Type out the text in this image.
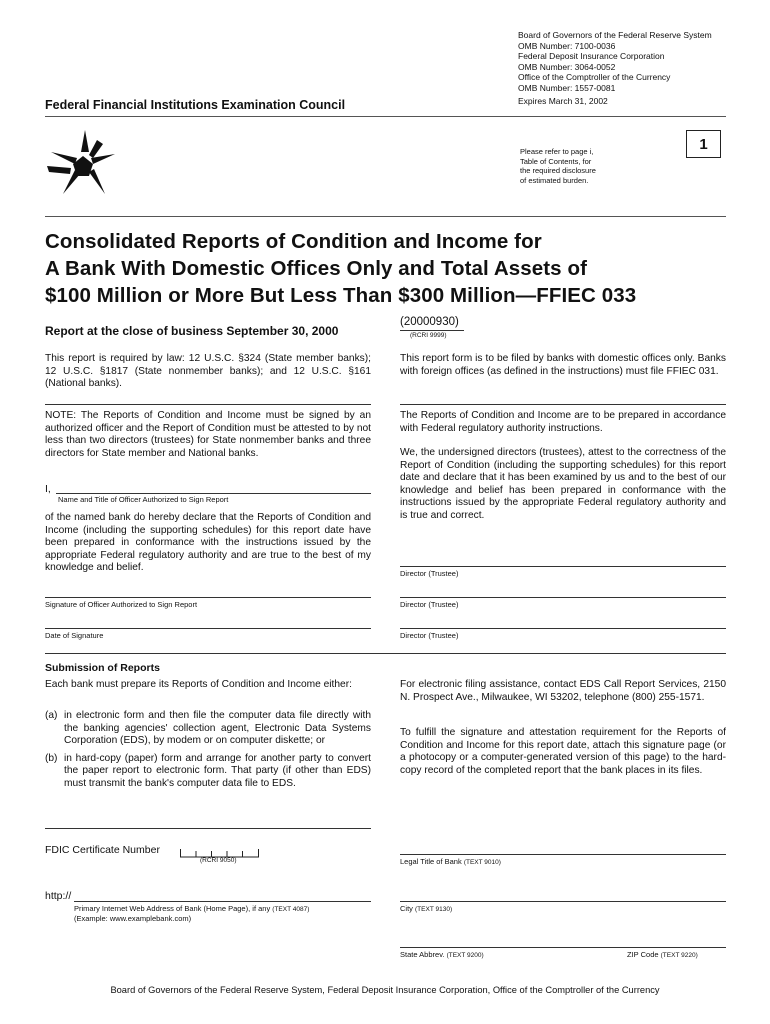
Board of Governors of the Federal Reserve System
OMB Number: 7100-0036
Federal Deposit Insurance Corporation
OMB Number: 3064-0052
Office of the Comptroller of the Currency
OMB Number: 1557-0081
Expires March 31, 2002
Federal Financial Institutions Examination Council
Please refer to page i,
Table of Contents, for
the required disclosure
of estimated burden.
1
Consolidated Reports of Condition and Income for
A Bank With Domestic Offices Only and Total Assets of
$100 Million or More But Less Than $300 Million—FFIEC 033
Report at the close of business September 30, 2000
(20000930)
(RCRI 9999)
This report is required by law: 12 U.S.C. §324 (State member banks); 12 U.S.C. §1817 (State nonmember banks); and 12 U.S.C. §161 (National banks).
This report form is to be filed by banks with domestic offices only. Banks with foreign offices (as defined in the instructions) must file FFIEC 031.
NOTE: The Reports of Condition and Income must be signed by an authorized officer and the Report of Condition must be attested to by not less than two directors (trustees) for State nonmember banks and three directors for State member and National banks.
I,
Name and Title of Officer Authorized to Sign Report
of the named bank do hereby declare that the Reports of Condition and Income (including the supporting schedules) for this report date have been prepared in conformance with the instructions issued by the appropriate Federal regulatory authority and are true to the best of my knowledge and belief.
Signature of Officer Authorized to Sign Report
Date of Signature
The Reports of Condition and Income are to be prepared in accordance with Federal regulatory authority instructions.
We, the undersigned directors (trustees), attest to the correctness of the Report of Condition (including the supporting schedules) for this report date and declare that it has been examined by us and to the best of our knowledge and belief has been prepared in conformance with the instructions issued by the appropriate Federal regulatory authority and is true and correct.
Director (Trustee)
Director (Trustee)
Director (Trustee)
Submission of Reports
Each bank must prepare its Reports of Condition and Income either:
(a) in electronic form and then file the computer data file directly with the banking agencies' collection agent, Electronic Data Systems Corporation (EDS), by modem or on computer diskette; or
(b) in hard-copy (paper) form and arrange for another party to convert the paper report to electronic form. That party (if other than EDS) must transmit the bank's computer data file to EDS.
For electronic filing assistance, contact EDS Call Report Services, 2150 N. Prospect Ave., Milwaukee, WI 53202, telephone (800) 255-1571.
To fulfill the signature and attestation requirement for the Reports of Condition and Income for this report date, attach this signature page (or a photocopy or a computer-generated version of this page) to the hard-copy record of the completed report that the bank places in its files.
FDIC Certificate Number
(RCRI 9050)	Legal Title of Bank (TEXT 9010)
http://
Primary Internet Web Address of Bank (Home Page), if any (TEXT 4087)
(Example: www.examplebank.com)
City (TEXT 9130)
State Abbrev. (TEXT 9200)	ZIP Code (TEXT 9220)
Board of Governors of the Federal Reserve System, Federal Deposit Insurance Corporation, Office of the Comptroller of the Currency
